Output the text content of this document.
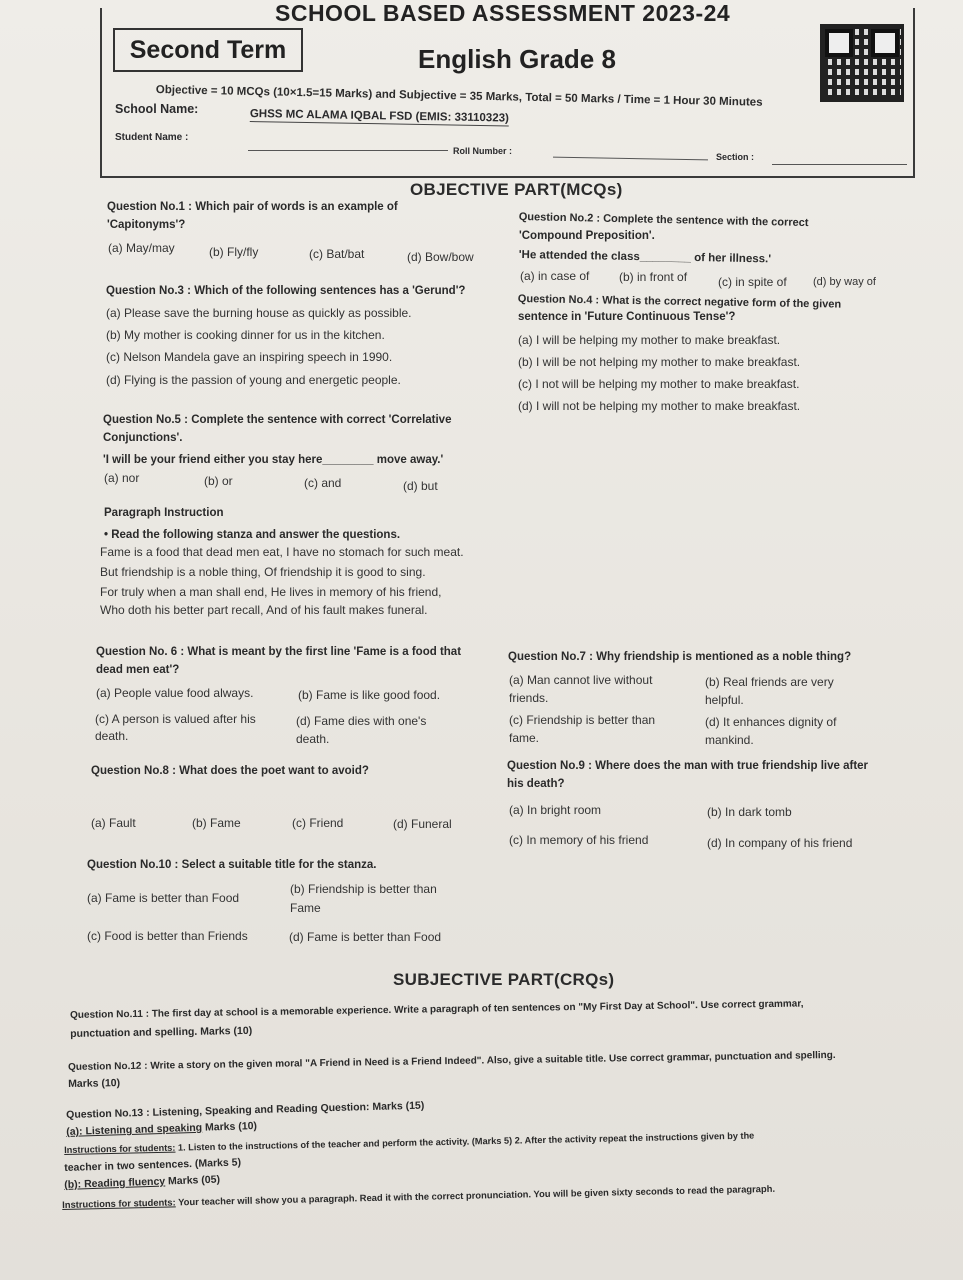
SCHOOL BASED ASSESSMENT 2023-24
Second Term	English Grade 8
Objective = 10 MCQs (10×1.5=15 Marks) and Subjective = 35 Marks, Total = 50 Marks / Time = 1 Hour 30 Minutes
School Name:	GHSS MC ALAMA IQBAL FSD (EMIS: 33110323)
Student Name :
Roll Number :
Section :
OBJECTIVE PART(MCQs)
Question No.1 : Which pair of words is an example of
'Capitonyms'?
(a) May/may	(b) Fly/fly	(c) Bat/bat	(d) Bow/bow
Question No.2 : Complete the sentence with the correct
'Compound Preposition'.
'He attended the class________ of her illness.'
(a) in case of (b) in front of	(c) in spite of (d) by way of
Question No.3 : Which of the following sentences has a 'Gerund'?
(a) Please save the burning house as quickly as possible.
(b) My mother is cooking dinner for us in the kitchen.
(c) Nelson Mandela gave an inspiring speech in 1990.
(d) Flying is the passion of young and energetic people.
Question No.4 : What is the correct negative form of the given
sentence in 'Future Continuous Tense'?
(a) I will be helping my mother to make breakfast.
(b) I will be not helping my mother to make breakfast.
(c) I not will be helping my mother to make breakfast.
(d) I will not be helping my mother to make breakfast.
Question No.5 : Complete the sentence with correct 'Correlative
Conjunctions'.
'I will be your friend either you stay here________ move away.'
(a) nor	(b) or	(c) and	(d) but
Paragraph Instruction
• Read the following stanza and answer the questions.
Fame is a food that dead men eat, I have no stomach for such meat.
But friendship is a noble thing, Of friendship it is good to sing.
For truly when a man shall end, He lives in memory of his friend,
Who doth his better part recall, And of his fault makes funeral.
Question No. 6 : What is meant by the first line 'Fame is a food that
dead men eat'?
(a) People value food always.	(b) Fame is like good food.
(c) A person is valued after his
death.
(d) Fame dies with one's
death.
Question No.7 : Why friendship is mentioned as a noble thing?
(a) Man cannot live without
friends.
(b) Real friends are very
helpful.
(c) Friendship is better than
fame.
(d) It enhances dignity of
mankind.
Question No.8 : What does the poet want to avoid?
(a) Fault	(b) Fame	(c) Friend	(d) Funeral
Question No.9 : Where does the man with true friendship live after
his death?
(a) In bright room	(b) In dark tomb
(c) In memory of his friend	(d) In company of his friend
Question No.10 : Select a suitable title for the stanza.
(a) Fame is better than Food
(b) Friendship is better than
Fame
(c) Food is better than Friends	(d) Fame is better than Food
SUBJECTIVE PART(CRQs)
Question No.11 : The first day at school is a memorable experience. Write a paragraph of ten sentences on "My First Day at School". Use correct grammar,
punctuation and spelling. Marks (10)
Question No.12 : Write a story on the given moral "A Friend in Need is a Friend Indeed". Also, give a suitable title. Use correct grammar, punctuation and spelling.
Marks (10)
Question No.13 : Listening, Speaking and Reading Question: Marks (15)
(a): Listening and speaking Marks (10)
Instructions for students: 1. Listen to the instructions of the teacher and perform the activity. (Marks 5) 2. After the activity repeat the instructions given by the
teacher in two sentences. (Marks 5)
(b): Reading fluency Marks (05)
Instructions for students: Your teacher will show you a paragraph. Read it with the correct pronunciation. You will be given sixty seconds to read the paragraph.
